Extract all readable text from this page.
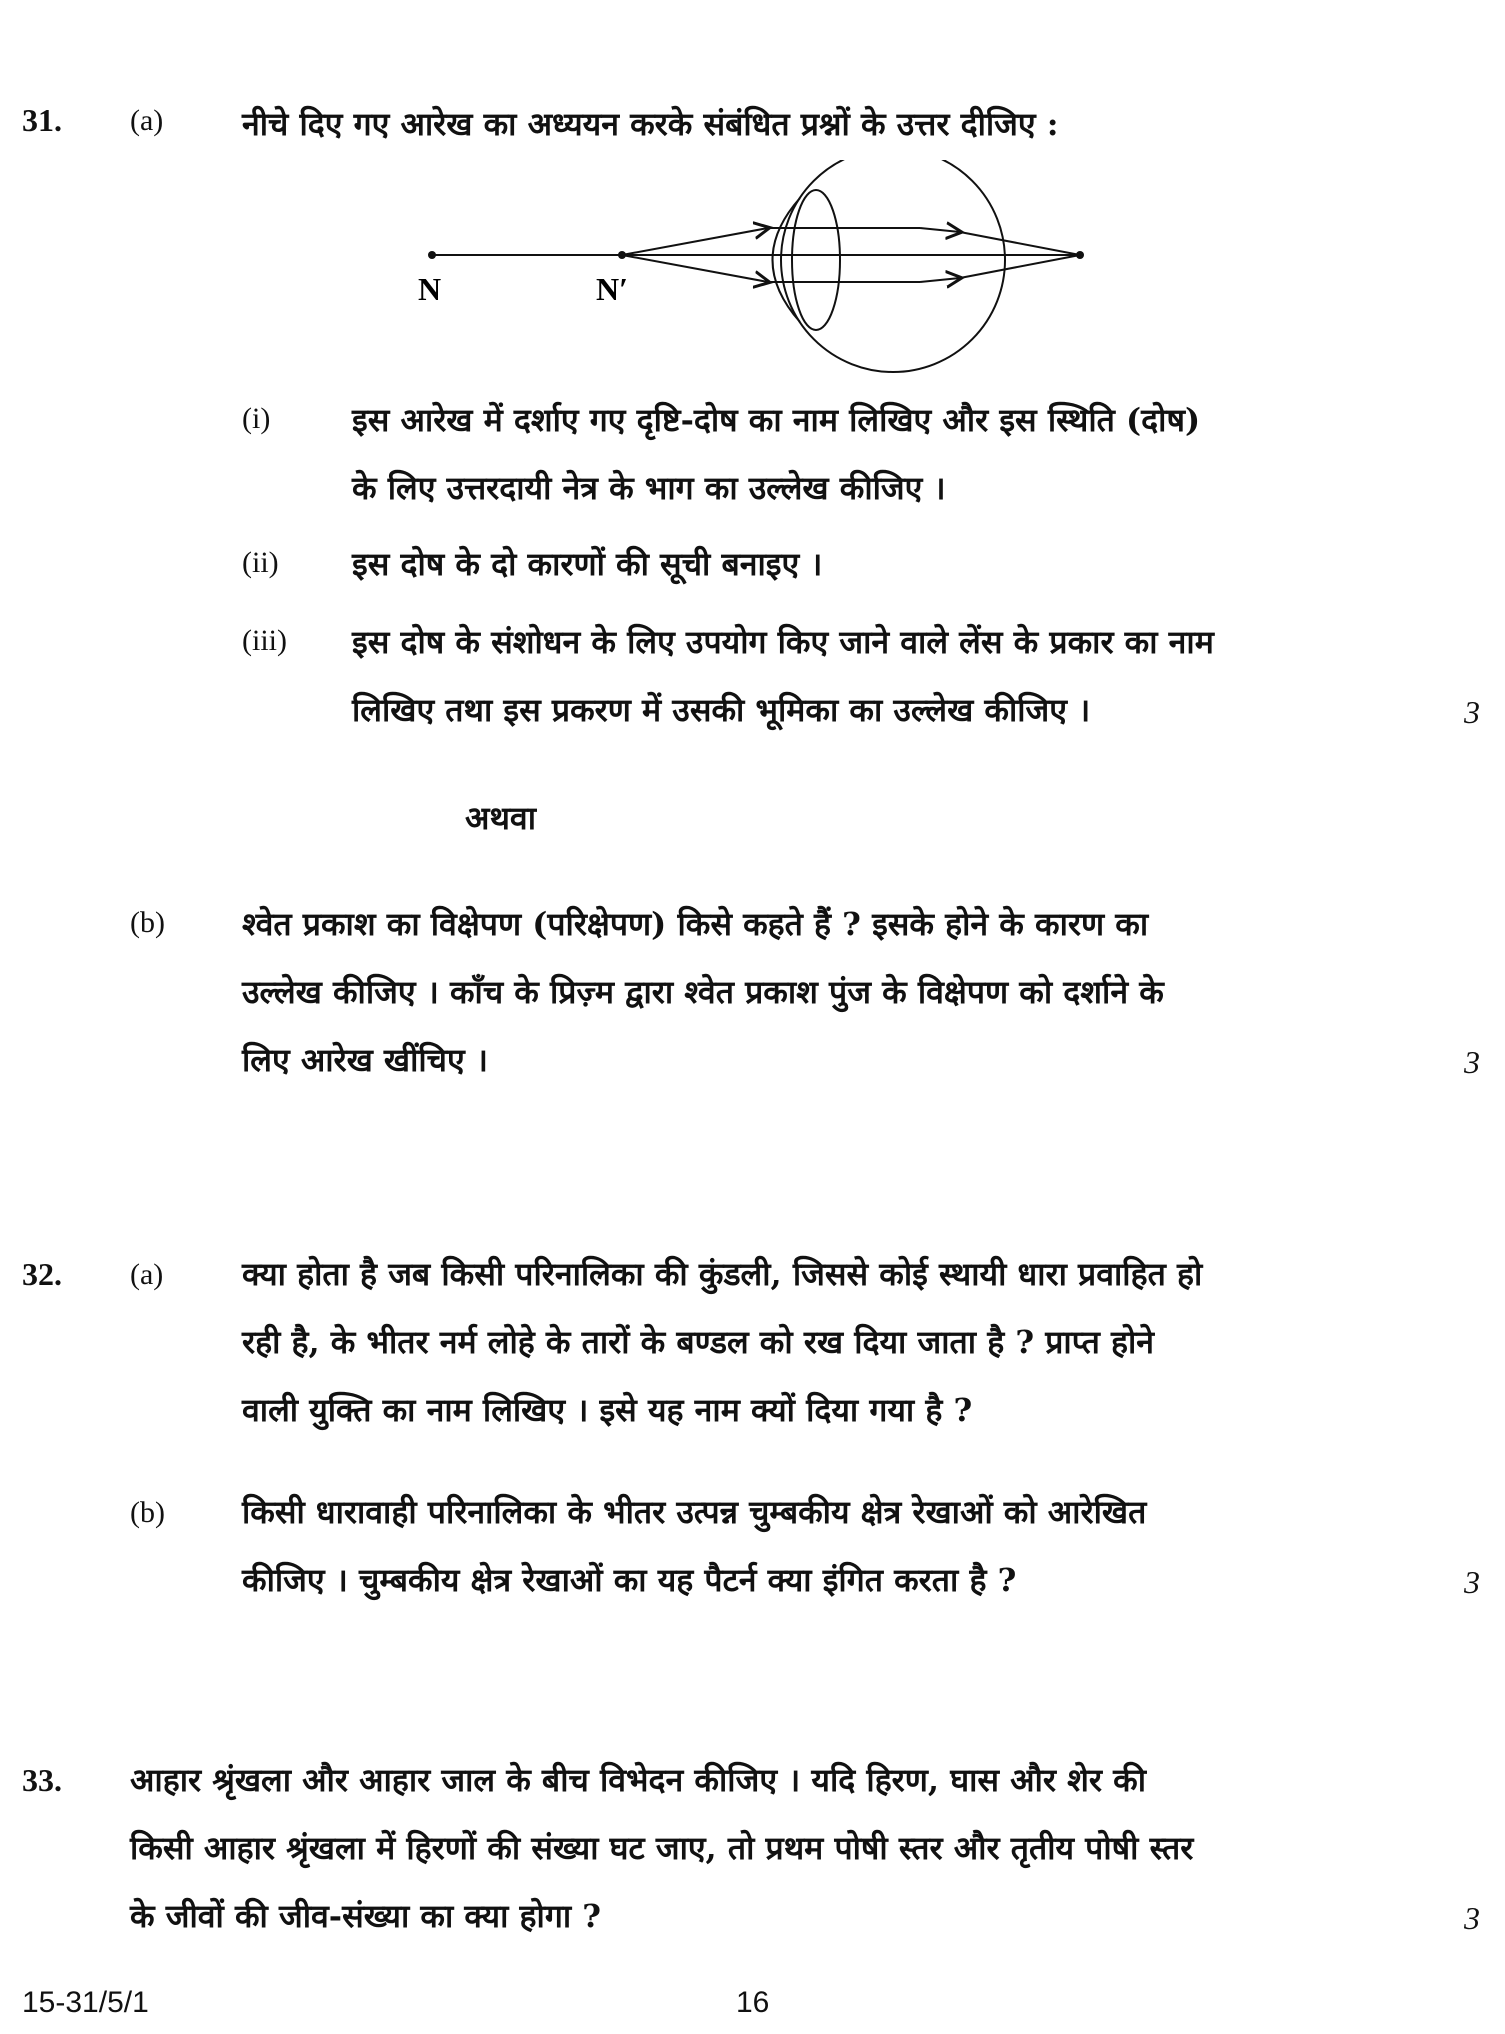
31. (a) नीचे दिए गए आरेख का अध्ययन करके संबंधित प्रश्नों के उत्तर दीजिए :
N	N′
(i)	इस आरेख में दर्शाए गए दृष्टि-दोष का नाम लिखिए और इस स्थिति (दोष)
के लिए उत्तरदायी नेत्र के भाग का उल्लेख कीजिए ।
(ii) इस दोष के दो कारणों की सूची बनाइए ।
(iii) इस दोष के संशोधन के लिए उपयोग किए जाने वाले लेंस के प्रकार का नाम
लिखिए तथा इस प्रकरण में उसकी भूमिका का उल्लेख कीजिए ।	3
अथवा
(b) श्वेत प्रकाश का विक्षेपण (परिक्षेपण) किसे कहते हैं ? इसके होने के कारण का
उल्लेख कीजिए । काँच के प्रिज़्म द्वारा श्वेत प्रकाश पुंज के विक्षेपण को दर्शाने के
लिए आरेख खींचिए ।	3
32. (a) क्या होता है जब किसी परिनालिका की कुंडली, जिससे कोई स्थायी धारा प्रवाहित हो
रही है, के भीतर नर्म लोहे के तारों के बण्डल को रख दिया जाता है ? प्राप्त होने
वाली युक्ति का नाम लिखिए । इसे यह नाम क्यों दिया गया है ?
(b) किसी धारावाही परिनालिका के भीतर उत्पन्न चुम्बकीय क्षेत्र रेखाओं को आरेखित
कीजिए । चुम्बकीय क्षेत्र रेखाओं का यह पैटर्न क्या इंगित करता है ?	3
33. आहार श्रृंखला और आहार जाल के बीच विभेदन कीजिए । यदि हिरण, घास और शेर की
किसी आहार श्रृंखला में हिरणों की संख्या घट जाए, तो प्रथम पोषी स्तर और तृतीय पोषी स्तर
के जीवों की जीव-संख्या का क्या होगा ?	3
15-31/5/1	16
